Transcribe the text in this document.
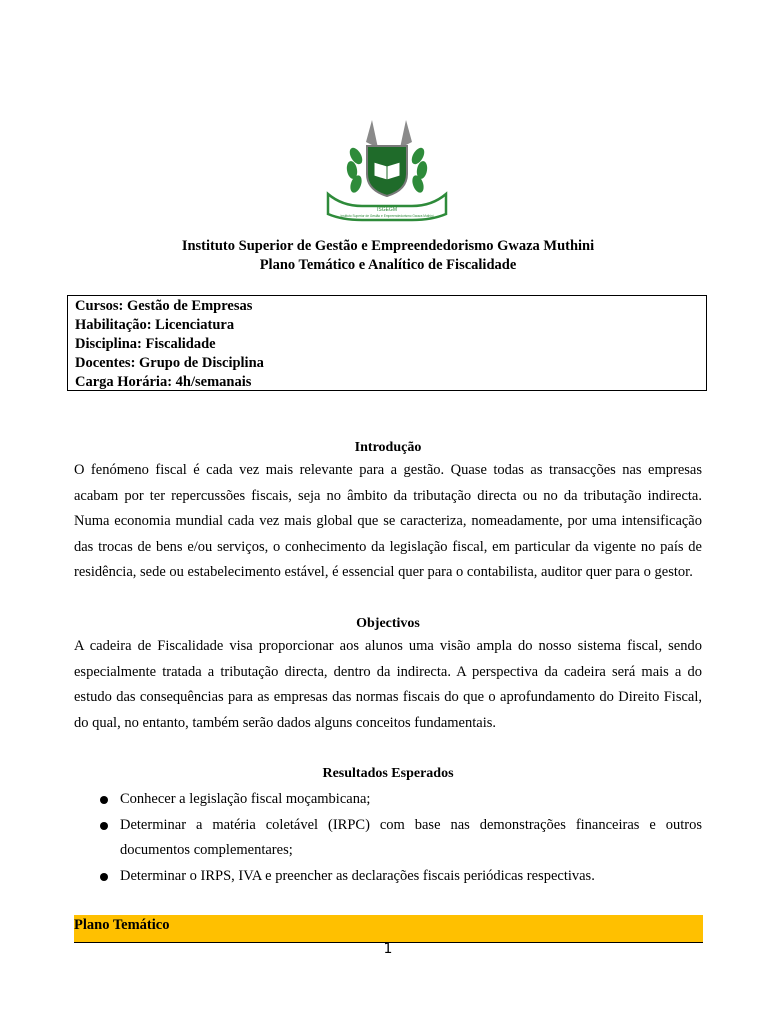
ISGEGM
Instituto Superior de Gestão e Empreendedorismo Gwaza Muthini
Instituto Superior de Gestão e Empreendedorismo Gwaza Muthini
Plano Temático e Analítico de Fiscalidade
Cursos: Gestão de Empresas
Habilitação: Licenciatura
Disciplina: Fiscalidade
Docentes: Grupo de Disciplina
Carga Horária: 4h/semanais
Introdução

O fenómeno fiscal é cada vez mais relevante para a gestão. Quase todas as transacções nas empresas acabam por ter repercussões fiscais, seja no âmbito da tributação directa ou no da tributação indirecta. Numa economia mundial cada vez mais global que se caracteriza, nomeadamente, por uma intensificação das trocas de bens e/ou serviços, o conhecimento da legislação fiscal, em particular da vigente no país de residência, sede ou estabelecimento estável, é essencial quer para o contabilista, auditor quer para o gestor.

Objectivos

A cadeira de Fiscalidade visa proporcionar aos alunos uma visão ampla do nosso sistema fiscal, sendo especialmente tratada a tributação directa, dentro da indirecta. A perspectiva da cadeira será mais a do estudo das consequências para as empresas das normas fiscais do que o aprofundamento do Direito Fiscal, do qual, no entanto, também serão dados alguns conceitos fundamentais.

Resultados Esperados
Conhecer a legislação fiscal moçambicana;
Determinar a matéria coletável (IRPC) com base nas demonstrações financeiras e outros documentos complementares;
Determinar o IRPS, IVA e preencher as declarações fiscais periódicas respectivas.
Plano Temático
1
